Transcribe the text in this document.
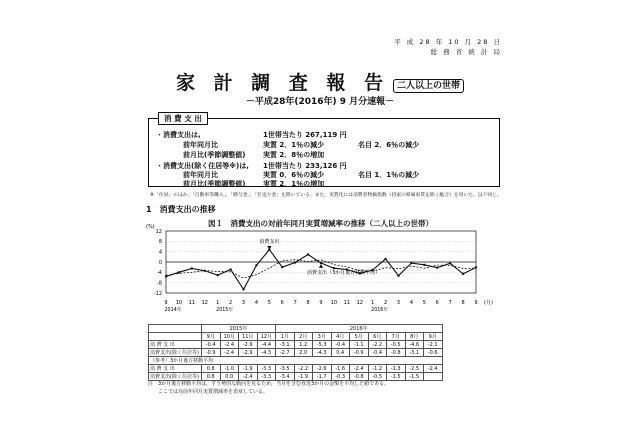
平 成 28 年 10 月 28 日
総 務 省 統 計 局
家 計 調 査 報 告 二人以上の世帯
－平成28年(2016年) 9 月分速報－
消 費 支 出
・消費支出は,	1世帯当たり 267,119 円
前年同月比	実質 2．1％の減少	名目 2．6％の減少
前月比(季節調整値)	実質 2．8％の増加
・消費支出(除く住居等※)は, 1世帯当たり 233,126 円
前年同月比	実質 0．6％の減少	名目 1．1％の減少
前月比(季節調整値)	実質 2．1％の増加
※「住居」のほか，「自動車等購入」，「贈与金」，「仕送り金」を除いている。また，実質化には消費者物価指数（持家の帰属家賃を除く総合）を用いた。以下同じ。
1　消費支出の推移
図１　消費支出の対前年同月実質増減率の推移（二人以上の世帯）
12
8
4
0
-4
-8
-12
(%)
9 10 11 12 1 2 3 4 5 6 7 8 9 10 11 12 1 2 3 4 5 6 7 8 9 (月)
2014年	2015年	2016年
消費支出
消費支出（3か月後方移動平均）
	2015年				2016年								
	9月	10月	11月	12月	1月	2月	3月	4月	5月	6月	7月	8月	9月
消 費 支 出	-0.4	-2.4	-2.9	-4.4	-3.1	1.2	-5.3	-0.4	-1.1	-2.2	-0.5	-4.6	-2.1
消費支出(除く住居等)	-0.9	-2.4	-2.9	-4.3	-2.7	2.0	-4.3	0.4	-0.9	-0.4	-0.8	-3.1	-0.6
（参考）3か月後方移動平均													
消 費 支 出	0.8	-1.0	-1.9	-3.3	-3.5	-2.2	-2.6	-1.6	-2.4	-1.2	-1.3	-2.5	-2.4
消費支出(除く住居等)	0.8	0.0	-2.4	-3.3	-3.4	-1.9	-1.7	-0.3	-0.8	-0.5	-1.5	-1.5	
注　3か月後方移動平均は，すう勢的な動向を見るため，当月を含む直近3か月の金額を平均した値である。
　　ここでは対前年同月実質増減率を表章している。
